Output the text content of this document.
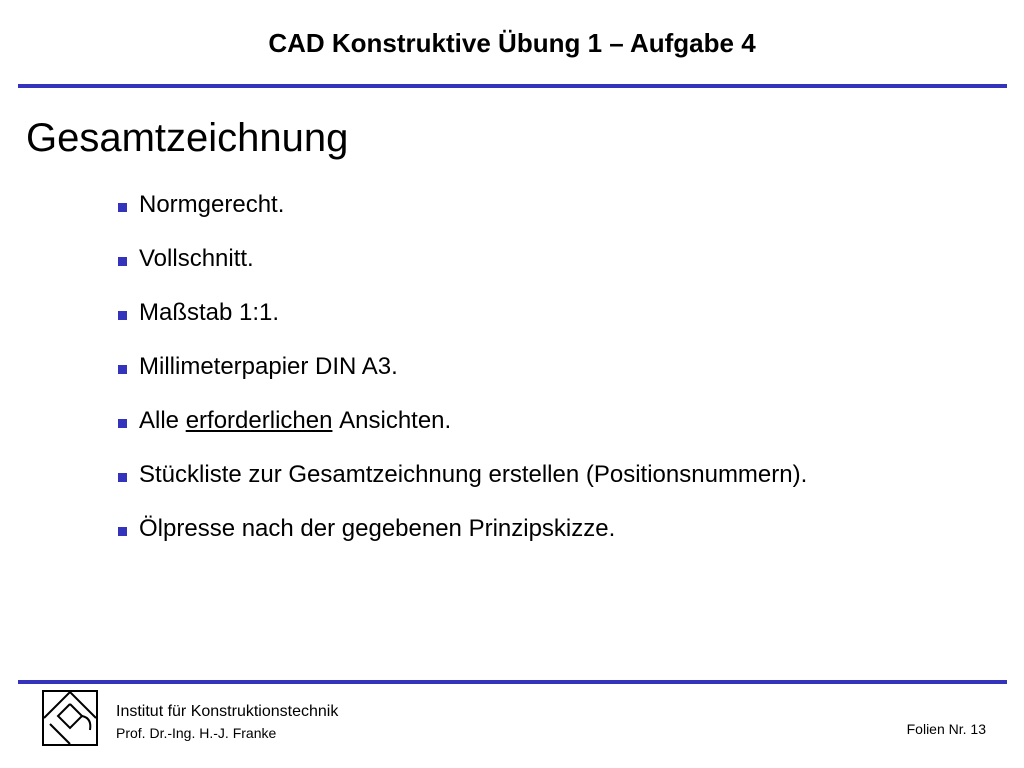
CAD Konstruktive Übung 1 – Aufgabe 4
Gesamtzeichnung
Normgerecht.
Vollschnitt.
Maßstab 1:1.
Millimeterpapier DIN A3.
Alle
erforderlichen
Ansichten.
Stückliste zur Gesamtzeichnung erstellen (Positionsnummern).
Ölpresse nach der gegebenen Prinzipskizze.
Institut für Konstruktionstechnik
Prof. Dr.-Ing. H.-J. Franke	Folien Nr. 13
